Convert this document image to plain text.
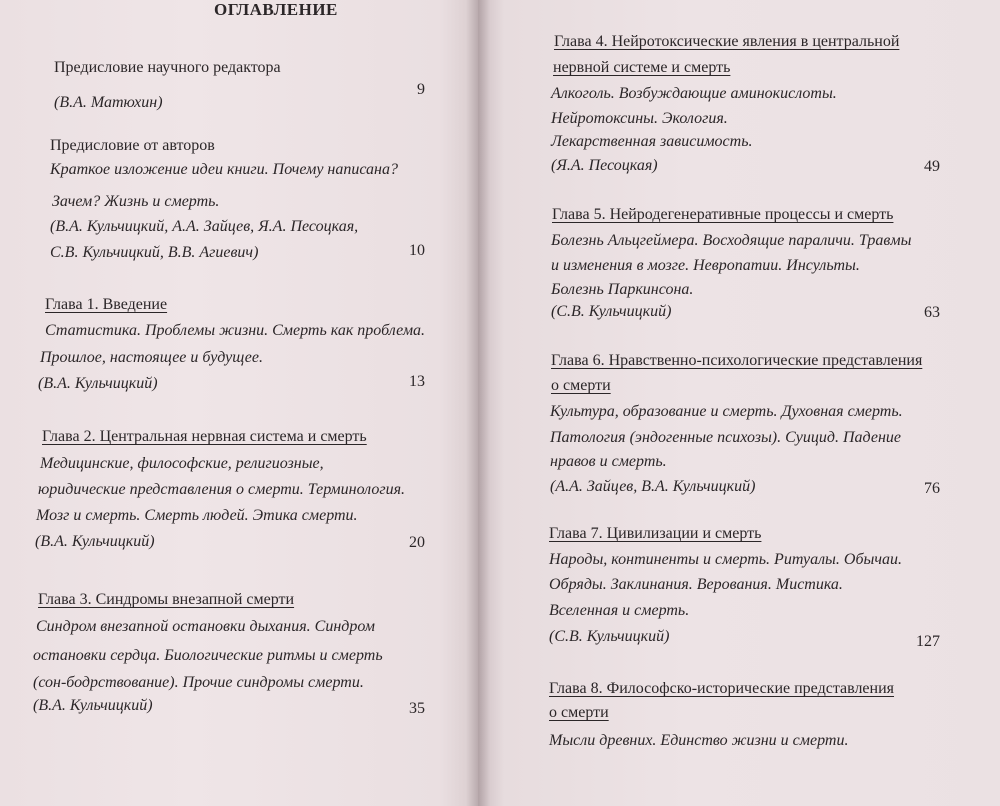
ОГЛАВЛЕНИЕ
Предисловие научного редактора
(В.А. Матюхин)
9
Предисловие от авторов
Краткое изложение идеи книги. Почему написана?
Зачем? Жизнь и смерть.
(В.А. Кульчицкий, А.А. Зайцев, Я.А. Песоцкая,
С.В. Кульчицкий, В.В. Агиевич)	10
Глава 1. Введение
Статистика. Проблемы жизни. Смерть как проблема.
Прошлое, настоящее и будущее.
(В.А. Кульчицкий)	13
Глава 2. Центральная нервная система и смерть
Медицинские, философские, религиозные,
юридические представления о смерти. Терминология.
Мозг и смерть. Смерть людей. Этика смерти.
(В.А. Кульчицкий)	20
Глава 3. Синдромы внезапной смерти
Синдром внезапной остановки дыхания. Синдром
остановки сердца. Биологические ритмы и смерть
(сон-бодрствование). Прочие синдромы смерти.
(В.А. Кульчицкий)	35
Глава 4. Нейротоксические явления в центральной
нервной системе и смерть
Алкоголь. Возбуждающие аминокислоты.
Нейротоксины. Экология.
Лекарственная зависимость.
(Я.А. Песоцкая)	49
Глава 5. Нейродегенеративные процессы и смерть
Болезнь Альцгеймера. Восходящие параличи. Травмы
и изменения в мозге. Невропатии. Инсульты.
Болезнь Паркинсона.
(С.В. Кульчицкий)	63
Глава 6. Нравственно-психологические представления
о смерти
Культура, образование и смерть. Духовная смерть.
Патология (эндогенные психозы). Суицид. Падение
нравов и смерть.
(А.А. Зайцев, В.А. Кульчицкий)	76
Глава 7. Цивилизации и смерть
Народы, континенты и смерть. Ритуалы. Обычаи.
Обряды. Заклинания. Верования. Мистика.
Вселенная и смерть.
(С.В. Кульчицкий)	127
Глава 8. Философско-исторические представления
о смерти
Мысли древних. Единство жизни и смерти.
